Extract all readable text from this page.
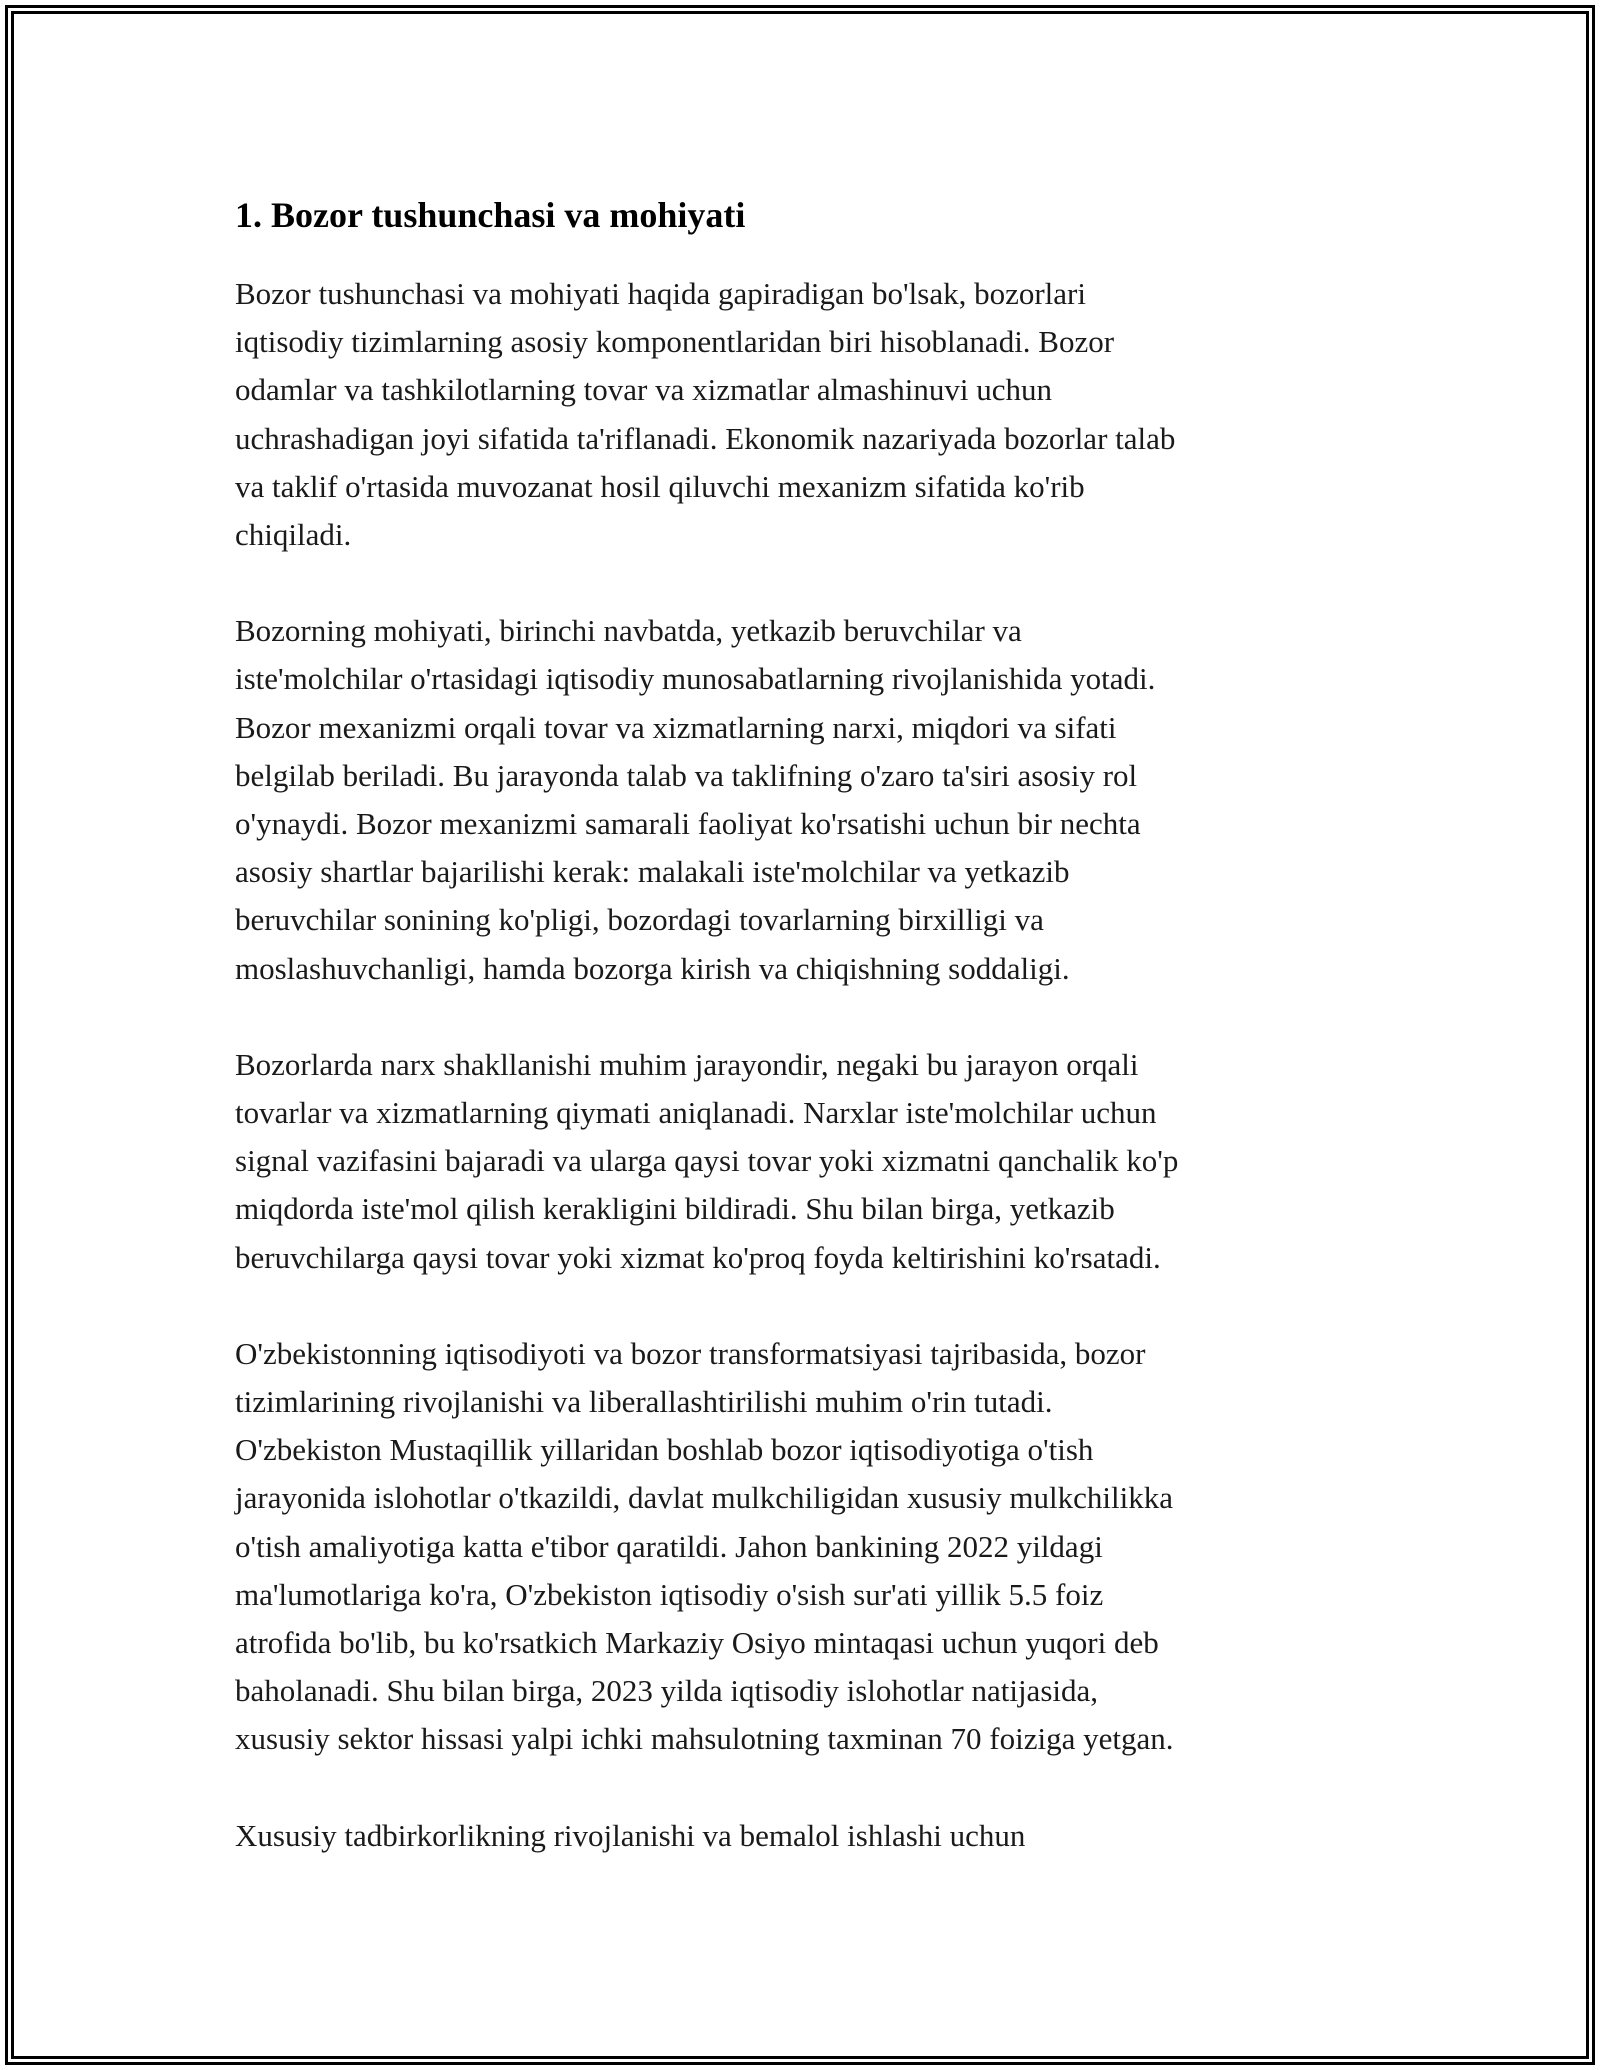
1. Bozor tushunchasi va mohiyati

Bozor tushunchasi va mohiyati haqida gapiradigan bo'lsak, bozorlari
iqtisodiy tizimlarning asosiy komponentlaridan biri hisoblanadi. Bozor
odamlar va tashkilotlarning tovar va xizmatlar almashinuvi uchun
uchrashadigan joyi sifatida ta'riflanadi. Ekonomik nazariyada bozorlar talab
va taklif o'rtasida muvozanat hosil qiluvchi mexanizm sifatida ko'rib
chiqiladi.

Bozorning mohiyati, birinchi navbatda, yetkazib beruvchilar va
iste'molchilar o'rtasidagi iqtisodiy munosabatlarning rivojlanishida yotadi.
Bozor mexanizmi orqali tovar va xizmatlarning narxi, miqdori va sifati
belgilab beriladi. Bu jarayonda talab va taklifning o'zaro ta'siri asosiy rol
o'ynaydi. Bozor mexanizmi samarali faoliyat ko'rsatishi uchun bir nechta
asosiy shartlar bajarilishi kerak: malakali iste'molchilar va yetkazib
beruvchilar sonining ko'pligi, bozordagi tovarlarning birxilligi va
moslashuvchanligi, hamda bozorga kirish va chiqishning soddaligi.

Bozorlarda narx shakllanishi muhim jarayondir, negaki bu jarayon orqali
tovarlar va xizmatlarning qiymati aniqlanadi. Narxlar iste'molchilar uchun
signal vazifasini bajaradi va ularga qaysi tovar yoki xizmatni qanchalik ko'p
miqdorda iste'mol qilish kerakligini bildiradi. Shu bilan birga, yetkazib
beruvchilarga qaysi tovar yoki xizmat ko'proq foyda keltirishini ko'rsatadi.

O'zbekistonning iqtisodiyoti va bozor transformatsiyasi tajribasida, bozor
tizimlarining rivojlanishi va liberallashtirilishi muhim o'rin tutadi.
O'zbekiston Mustaqillik yillaridan boshlab bozor iqtisodiyotiga o'tish
jarayonida islohotlar o'tkazildi, davlat mulkchiligidan xususiy mulkchilikka
o'tish amaliyotiga katta e'tibor qaratildi. Jahon bankining 2022 yildagi
ma'lumotlariga ko'ra, O'zbekiston iqtisodiy o'sish sur'ati yillik 5.5 foiz
atrofida bo'lib, bu ko'rsatkich Markaziy Osiyo mintaqasi uchun yuqori deb
baholanadi. Shu bilan birga, 2023 yilda iqtisodiy islohotlar natijasida,
xususiy sektor hissasi yalpi ichki mahsulotning taxminan 70 foiziga yetgan.

Xususiy tadbirkorlikning rivojlanishi va bemalol ishlashi uchun
